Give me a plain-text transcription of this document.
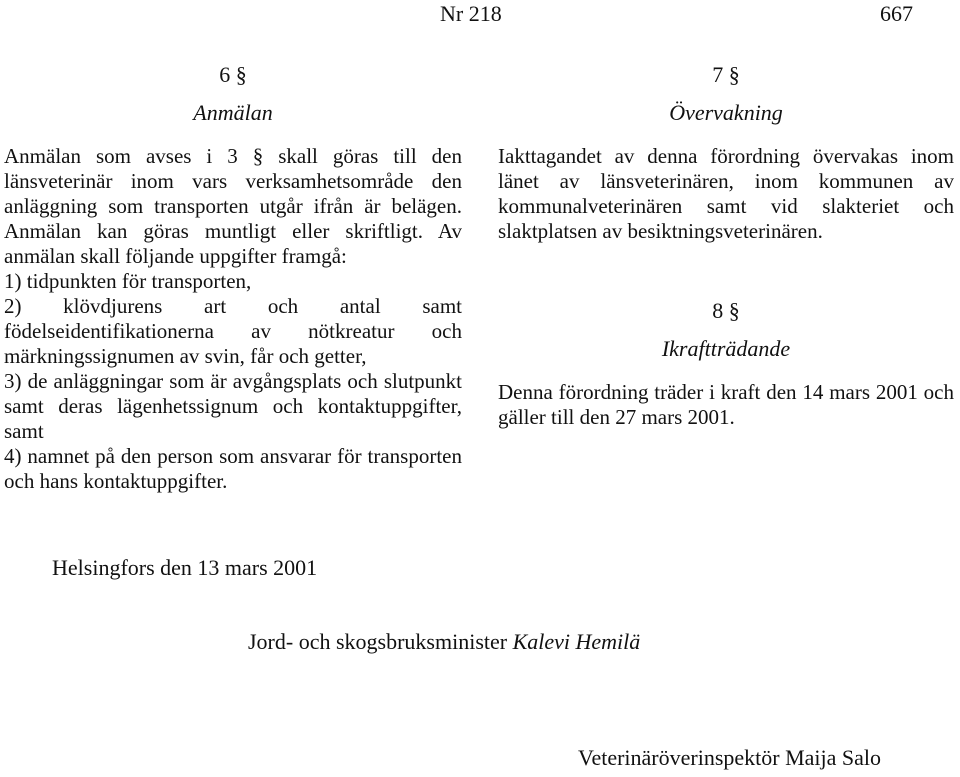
Nr 218	667
6 §
Anmälan

Anmälan som avses i 3 § skall göras till den länsveterinär inom vars verksamhetsområde den anläggning som transporten utgår ifrån är belägen. Anmälan kan göras muntligt eller skriftligt. Av anmälan skall följande uppgifter framgå:

1) tidpunkten för transporten,
2) klövdjurens art och antal samt födelseidentifikationerna av nötkreatur och märkningssignumen av svin, får och getter,
3) de anläggningar som är avgångsplats och slutpunkt samt deras lägenhetssignum och kontaktuppgifter, samt
4) namnet på den person som ansvarar för transporten och hans kontaktuppgifter.
7 §
Övervakning

Iakttagandet av denna förordning övervakas inom länet av länsveterinären, inom kommunen av kommunalveterinären samt vid slakteriet och slaktplatsen av besiktningsveterinären.

8 §
Ikraftträdande

Denna förordning träder i kraft den 14 mars 2001 och gäller till den 27 mars 2001.

Helsingfors den 13 mars 2001
Jord- och skogsbruksminister Kalevi Hemilä
Veterinäröverinspektör Maija Salo
